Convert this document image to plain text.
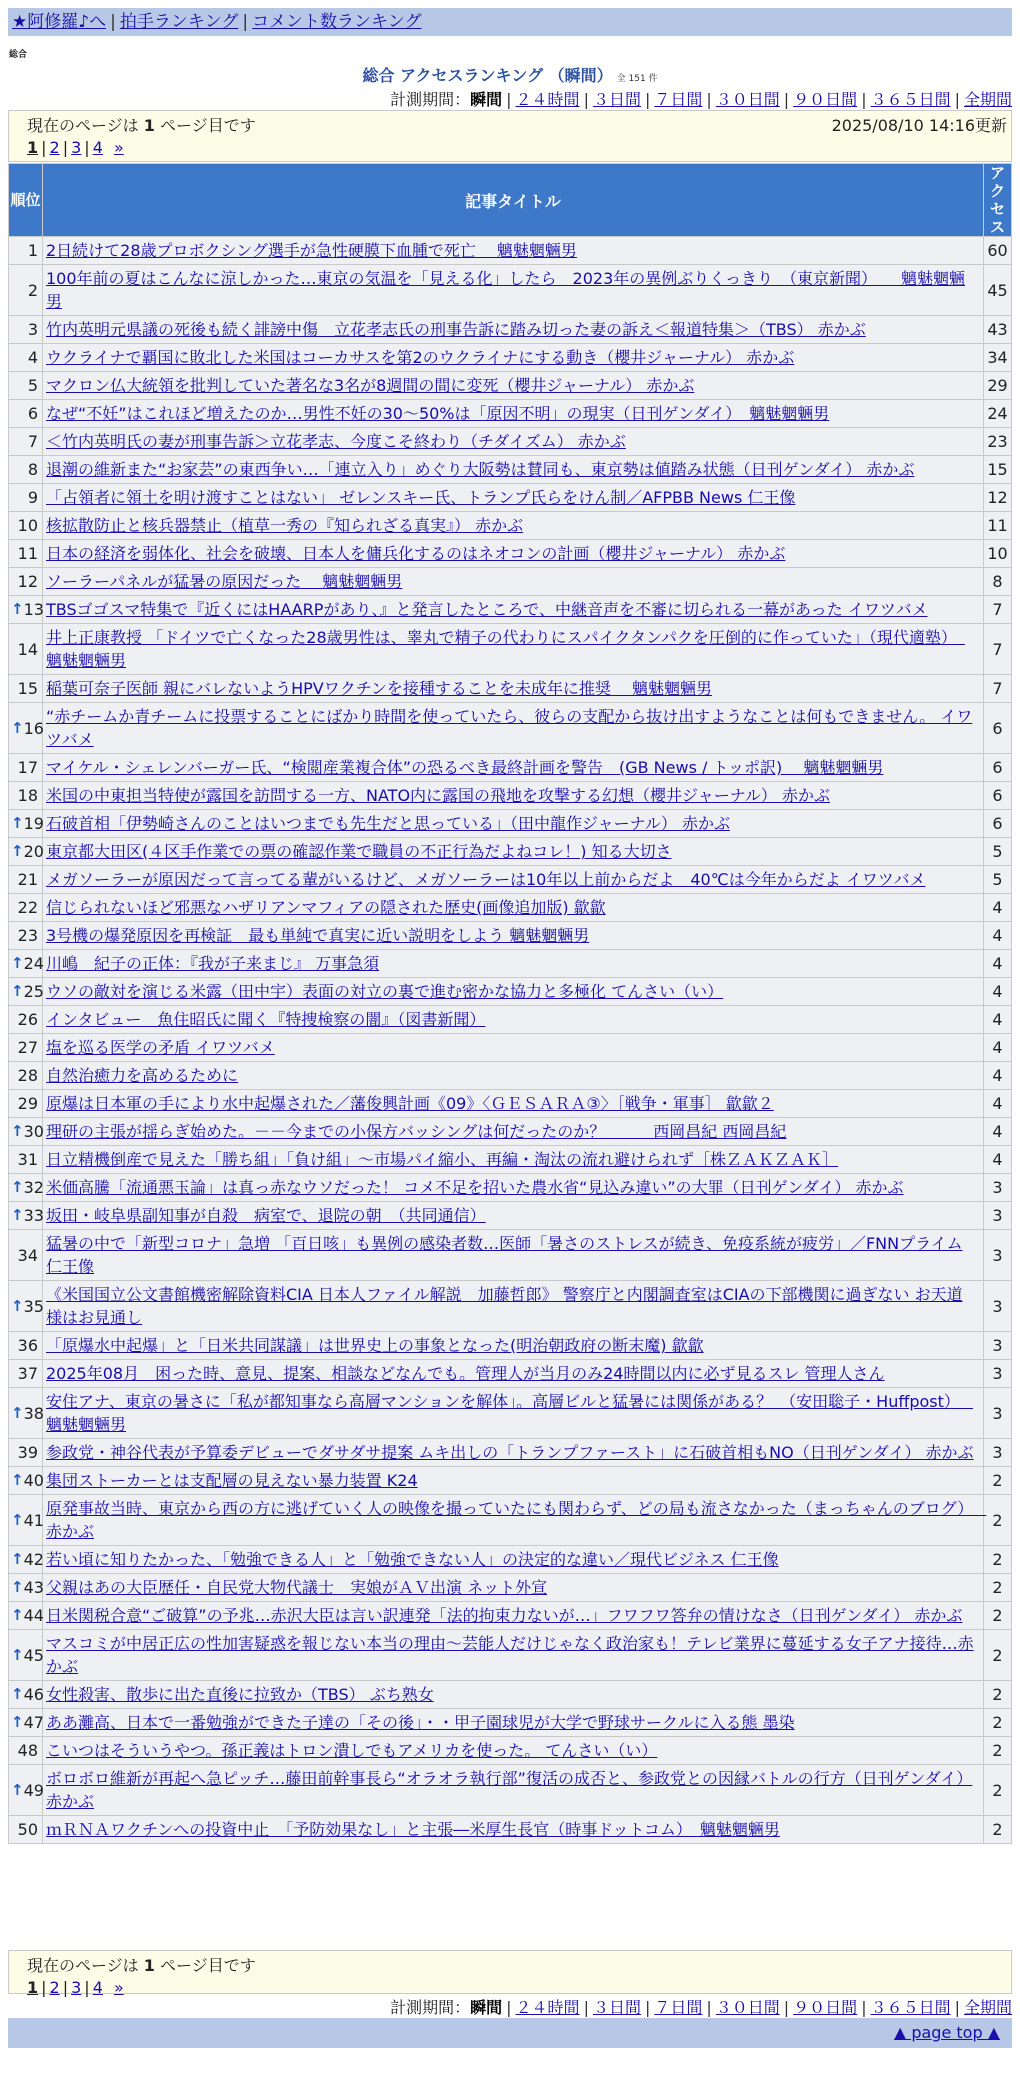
★阿修羅♪へ | 拍手ランキング | コメント数ランキング
総合
総合 アクセスランキング （瞬間） 全 151 件
計測期間：瞬間 | ２４時間 | ３日間 | ７日間 | ３０日間 | ９０日間 | ３６５日間 | 全期間
現在のページは 1 ページ目です	2025/08/10 14:16更新
1 | 2 | 3 | 4 »
順位	記事タイトル	アクセス
1	2日続けて28歳プロボクシング選手が急性硬膜下血腫で死亡　 魑魅魍魎男	60
2	100年前の夏はこんなに涼しかった…東京の気温を「見える化」したら　2023年の異例ぶりくっきり　（東京新聞）　　魑魅魍魎男	45
3	竹内英明元県議の死後も続く誹謗中傷　立花孝志氏の刑事告訴に踏み切った妻の訴え＜報道特集＞（TBS） 赤かぶ	43
4	ウクライナで覇国に敗北した米国はコーカサスを第2のウクライナにする動き（櫻井ジャーナル） 赤かぶ	34
5	マクロン仏大統領を批判していた著名な3名が8週間の間に変死（櫻井ジャーナル） 赤かぶ	29
6	なぜ“不妊”はこれほど増えたのか…男性不妊の30～50%は「原因不明」の現実（日刊ゲンダイ）　魑魅魍魎男	24
7	＜竹内英明氏の妻が刑事告訴＞立花孝志、今度こそ終わり（チダイズム） 赤かぶ	23
8	退潮の維新また“お家芸”の東西争い…「連立入り」めぐり大阪勢は賛同も、東京勢は値踏み状態（日刊ゲンダイ） 赤かぶ	15
9	「占領者に領土を明け渡すことはない」 ゼレンスキー氏、トランプ氏らをけん制／AFPBB News 仁王像	12
10	核拡散防止と核兵器禁止（植草一秀の『知られざる真実』） 赤かぶ	11
11	日本の経済を弱体化、社会を破壊、日本人を傭兵化するのはネオコンの計画（櫻井ジャーナル） 赤かぶ	10
12	ソーラーパネルが猛暑の原因だった　 魑魅魍魎男	8

↑ 13	TBSゴゴスマ特集で『近くにはHAARPがあり、』と発言したところで、中継音声を不審に切られる一幕があった イワツバメ	7
14	井上正康教授 「ドイツで亡くなった28歳男性は、睾丸で精子の代わりにスパイクタンパクを圧倒的に作っていた」（現代適塾）　魑魅魍魎男	7
15	稲葉可奈子医師 親にバレないようHPVワクチンを接種することを未成年に推奨　 魑魅魍魎男	7

↑ 16	“赤チームか青チームに投票することにばかり時間を使っていたら、彼らの支配から抜け出すようなことは何もできません。 イワツバメ	6
17	マイケル・シェレンバーガー氏、“検閲産業複合体”の恐るべき最終計画を警告　(GB News / トッポ訳)　 魑魅魍魎男	6
18	米国の中東担当特使が露国を訪問する一方、NATO内に露国の飛地を攻撃する幻想（櫻井ジャーナル） 赤かぶ	6

↑ 19	石破首相「伊勢崎さんのことはいつまでも先生だと思っている」（田中龍作ジャーナル） 赤かぶ	6

↑ 20	東京都大田区(４区手作業での票の確認作業で職員の不正行為だよねコレ！) 知る大切さ	5
21	メガソーラーが原因だって言ってる輩がいるけど、メガソーラーは10年以上前からだよ　40℃は今年からだよ イワツバメ	5
22	信じられないほど邪悪なハザリアンマフィアの隠された歴史(画像追加版) 歙歙	4
23	3号機の爆発原因を再検証　最も単純で真実に近い説明をしよう 魑魅魍魎男	4

↑ 24	川嶋　紀子の正体：『我が子来まじ』 万事急須	4

↑ 25	ウソの敵対を演じる米露（田中宇）表面の対立の裏で進む密かな協力と多極化 てんさい（い）	4
26	インタビュー　魚住昭氏に聞く『特捜検察の闇』（図書新聞）	4
27	塩を巡る医学の矛盾 イワツバメ	4
28	自然治癒力を高めるために	4
29	原爆は日本軍の手により水中起爆された／藩俊興計画《09》〈ＧＥＳＡＲＡ③〉［戦争・軍事］ 歙歙２	4

↑ 30	理研の主張が揺らぎ始めた。－－今までの小保方バッシングは何だったのか？　　　西岡昌紀 西岡昌紀	4
31	日立精機倒産で見えた「勝ち組」「負け組」～市場パイ縮小、再編・淘汰の流れ避けられず［株ＺＡＫＺＡＫ］	4

↑ 32	米価高騰「流通悪玉論」は真っ赤なウソだった！ コメ不足を招いた農水省“見込み違い”の大罪（日刊ゲンダイ） 赤かぶ	3

↑ 33	坂田・岐阜県副知事が自殺　病室で、退院の朝　（共同通信）	3
34	猛暑の中で「新型コロナ」急増 「百日咳」も異例の感染者数…医師「暑さのストレスが続き、免疫系統が疲労」／FNNプライム 仁王像	3

↑ 35	《米国国立公文書館機密解除資料CIA 日本人ファイル解説　加藤哲郎》 警察庁と内閣調査室はCIAの下部機関に過ぎない お天道様はお見通し	3
36	「原爆水中起爆」と「日米共同謀議」は世界史上の事象となった(明治朝政府の断末魔) 歙歙	3
37	2025年08月　困った時、意見、提案、相談などなんでも。管理人が当月のみ24時間以内に必ず見るスレ 管理人さん	3

↑ 38	安住アナ、東京の暑さに「私が都知事なら高層マンションを解体」。高層ビルと猛暑には関係がある？　（安田聡子・Huffpost）　 魑魅魍魎男	3
39	参政党・神谷代表が予算委デビューでダサダサ提案 ムキ出しの「トランプファースト」に石破首相もNO（日刊ゲンダイ） 赤かぶ	3

↑ 40	集団ストーカーとは支配層の見えない暴力装置 K24	2

↑ 41	原発事故当時、東京から西の方に逃げていく人の映像を撮っていたにも関わらず、どの局も流さなかった（まっちゃんのブログ）　 赤かぶ	2

↑ 42	若い頃に知りたかった、「勉強できる人」と「勉強できない人」の決定的な違い／現代ビジネス 仁王像	2

↑ 43	父親はあの大臣歴任・自民党大物代議士　実娘がＡＶ出演 ネット外宣	2

↑ 44	日米関税合意“ご破算”の予兆…赤沢大臣は言い訳連発「法的拘束力ないが…」フワフワ答弁の情けなさ（日刊ゲンダイ） 赤かぶ	2

↑ 45	マスコミが中居正広の性加害疑惑を報じない本当の理由～芸能人だけじゃなく政治家も！テレビ業界に蔓延する女子アナ接待…赤かぶ	2

↑ 46	女性殺害、散歩に出た直後に拉致か（TBS） ぶち熟女	2

↑ 47	ああ灘高、日本で一番勉強ができた子達の「その後」・・甲子園球児が大学で野球サークルに入る態 墨染	2
48	こいつはそういうやつ。孫正義はトロン潰しでもアメリカを使った。 てんさい（い）	2

↑ 49	ボロボロ維新が再起へ急ピッチ…藤田前幹事長ら“オラオラ執行部”復活の成否と、参政党との因縁バトルの行方（日刊ゲンダイ） 赤かぶ	2
50	ｍＲＮＡワクチンへの投資中止　「予防効果なし」と主張―米厚生長官（時事ドットコム）　魑魅魍魎男	2
現在のページは 1 ページ目です
1 | 2 | 3 | 4 »
計測期間：瞬間 | ２４時間 | ３日間 | ７日間 | ３０日間 | ９０日間 | ３６５日間 | 全期間
▲ page top ▲
